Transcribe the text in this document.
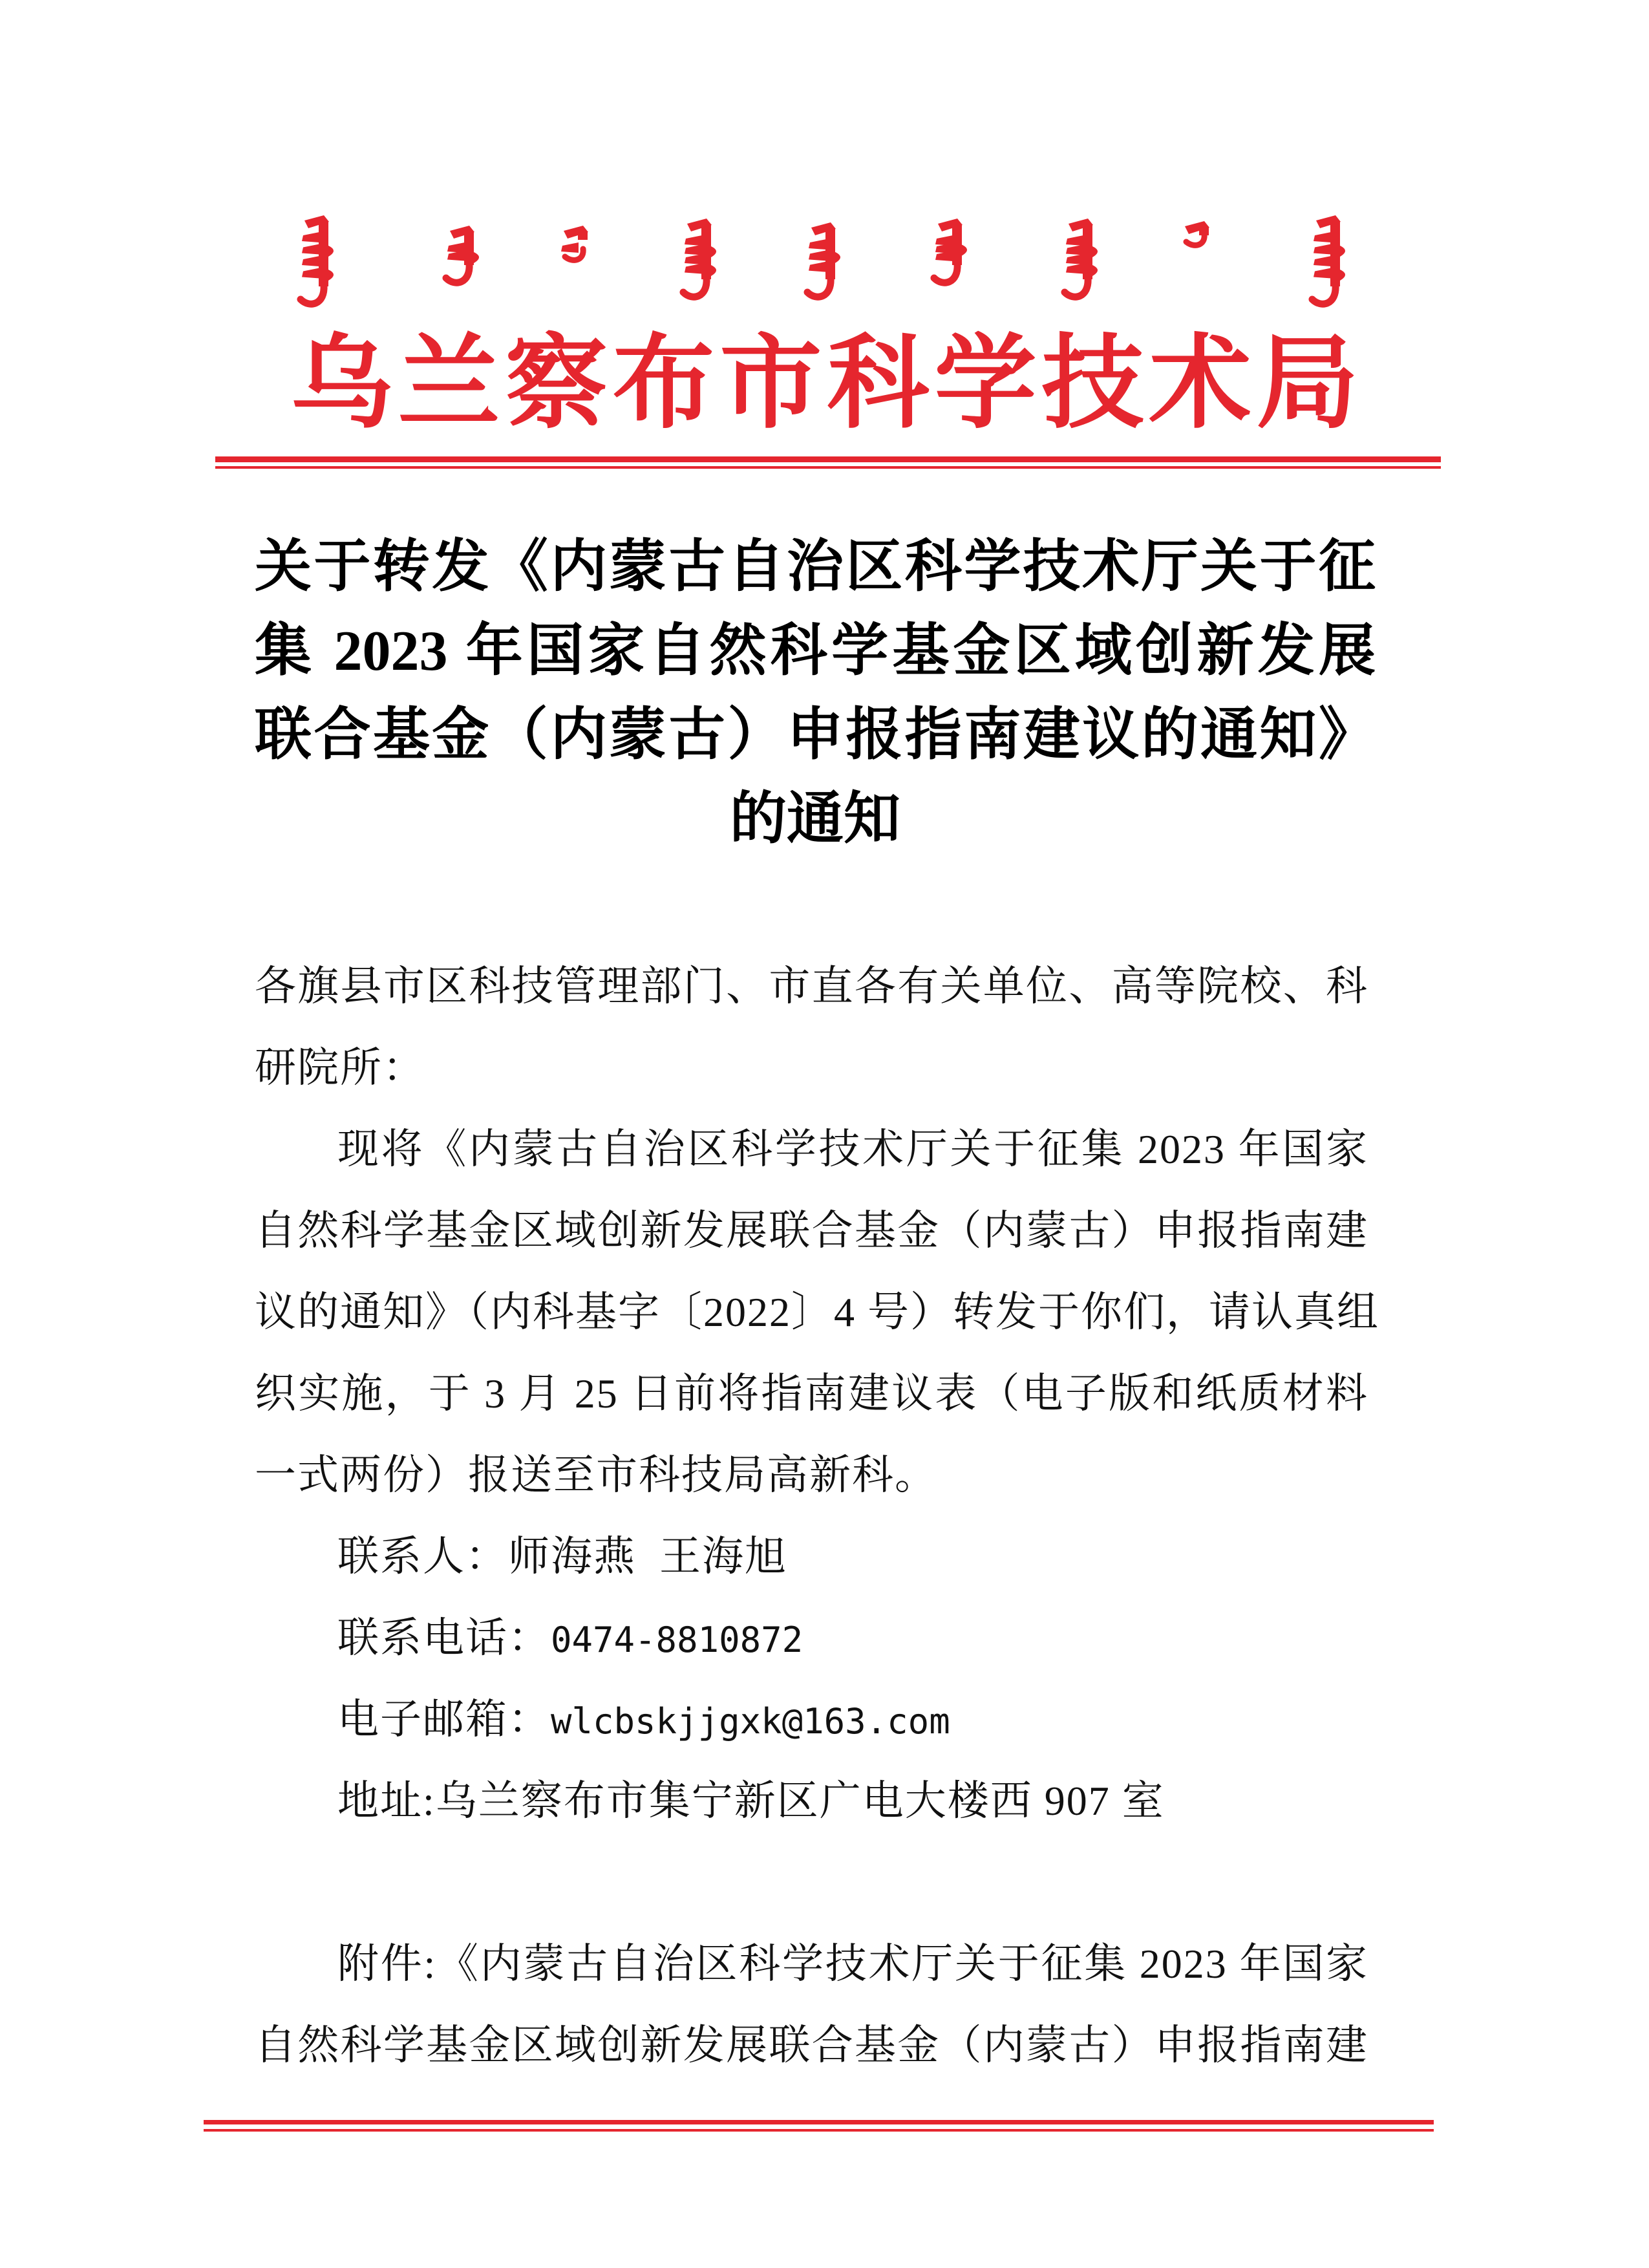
乌兰察布市科学技术局
关于转发《内蒙古自治区科学技术厅关于征
集 2023 年国家自然科学基金区域创新发展
联合基金（内蒙古）申报指南建议的通知》
的通知
各旗县市区科技管理部门、市直各有关单位、高等院校、科
研院所：
现将《内蒙古自治区科学技术厅关于征集 2023 年国家
自然科学基金区域创新发展联合基金（内蒙古）申报指南建
议的通知》（内科基字〔2022〕4 号）转发于你们，请认真组
织实施，于 3 月 25 日前将指南建议表（电子版和纸质材料
一式两份）报送至市科技局高新科。
联系人：师海燕  王海旭
联系电话：0474-8810872
电子邮箱：wlcbskjjgxk@163.com
地址:乌兰察布市集宁新区广电大楼西 907 室
附件:《内蒙古自治区科学技术厅关于征集 2023 年国家
自然科学基金区域创新发展联合基金（内蒙古）申报指南建
